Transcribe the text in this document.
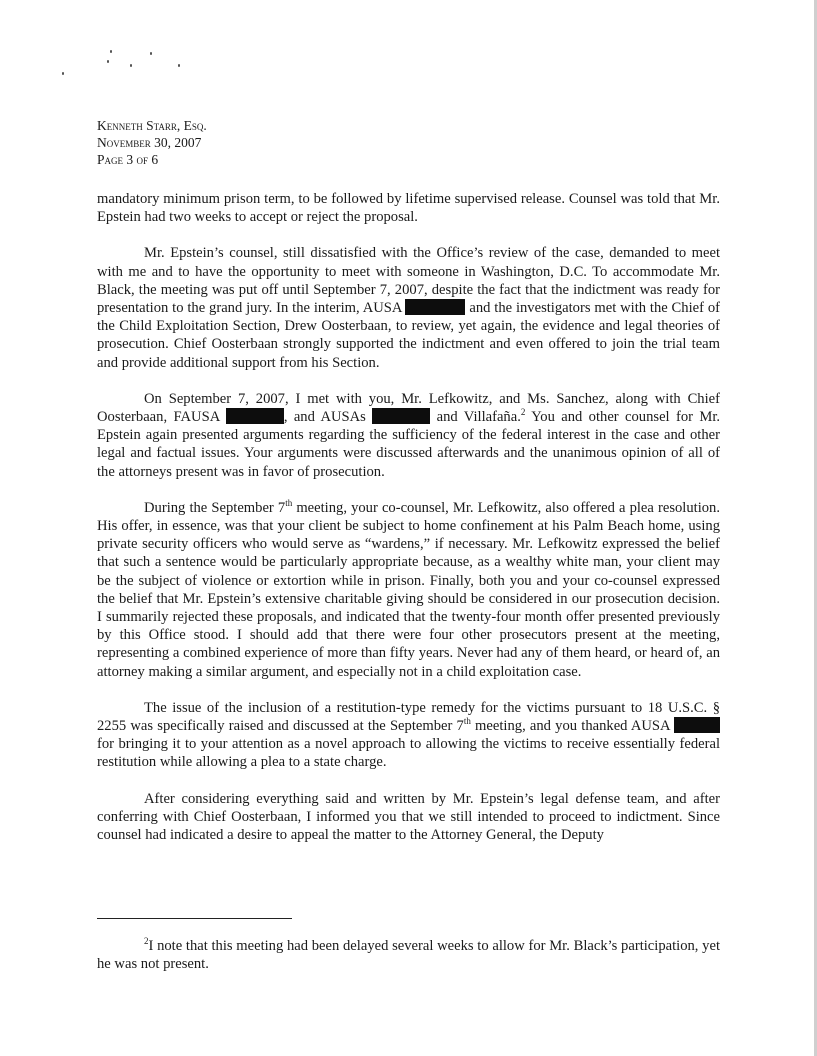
Kenneth Starr, Esq.
November 30, 2007
Page 3 of 6

mandatory minimum prison term, to be followed by lifetime supervised release. Counsel was told that Mr. Epstein had two weeks to accept or reject the proposal.

Mr. Epstein’s counsel, still dissatisfied with the Office’s review of the case, demanded to meet with me and to have the opportunity to meet with someone in Washington, D.C. To accommodate Mr. Black, the meeting was put off until September 7, 2007, despite the fact that the indictment was ready for presentation to the grand jury. In the interim, AUSA	and the investigators met with the Chief of the Child Exploitation Section, Drew Oosterbaan, to review, yet again, the evidence and legal theories of prosecution. Chief Oosterbaan strongly supported the indictment and even offered to join the trial team and provide additional support from his Section.

On September 7, 2007, I met with you, Mr. Lefkowitz, and Ms. Sanchez, along with Chief Oosterbaan, FAUSA	, and AUSAs	and Villafaña.$^2$ You and other counsel for Mr. Epstein again presented arguments regarding the sufficiency of the federal interest in the case and other legal and factual issues. Your arguments were discussed afterwards and the unanimous opinion of all of the attorneys present was in favor of prosecution.

During the September 7th meeting, your co-counsel, Mr. Lefkowitz, also offered a plea resolution. His offer, in essence, was that your client be subject to home confinement at his Palm Beach home, using private security officers who would serve as “wardens,” if necessary. Mr. Lefkowitz expressed the belief that such a sentence would be particularly appropriate because, as a wealthy white man, your client may be the subject of violence or extortion while in prison. Finally, both you and your co-counsel expressed the belief that Mr. Epstein’s extensive charitable giving should be considered in our prosecution decision. I summarily rejected these proposals, and indicated that the twenty-four month offer presented previously by this Office stood. I should add that there were four other prosecutors present at the meeting, representing a combined experience of more than fifty years. Never had any of them heard, or heard of, an attorney making a similar argument, and especially not in a child exploitation case.

The issue of the inclusion of a restitution-type remedy for the victims pursuant to 18 U.S.C. § 2255 was specifically raised and discussed at the September 7th meeting, and you thanked AUSA  for bringing it to your attention as a novel approach to allowing the victims to receive essentially federal restitution while allowing a plea to a state charge.

After considering everything said and written by Mr. Epstein’s legal defense team, and after conferring with Chief Oosterbaan, I informed you that we still intended to proceed to indictment. Since counsel had indicated a desire to appeal the matter to the Attorney General, the Deputy

$^2$I note that this meeting had been delayed several weeks to allow for Mr. Black’s participation, yet he was not present.
